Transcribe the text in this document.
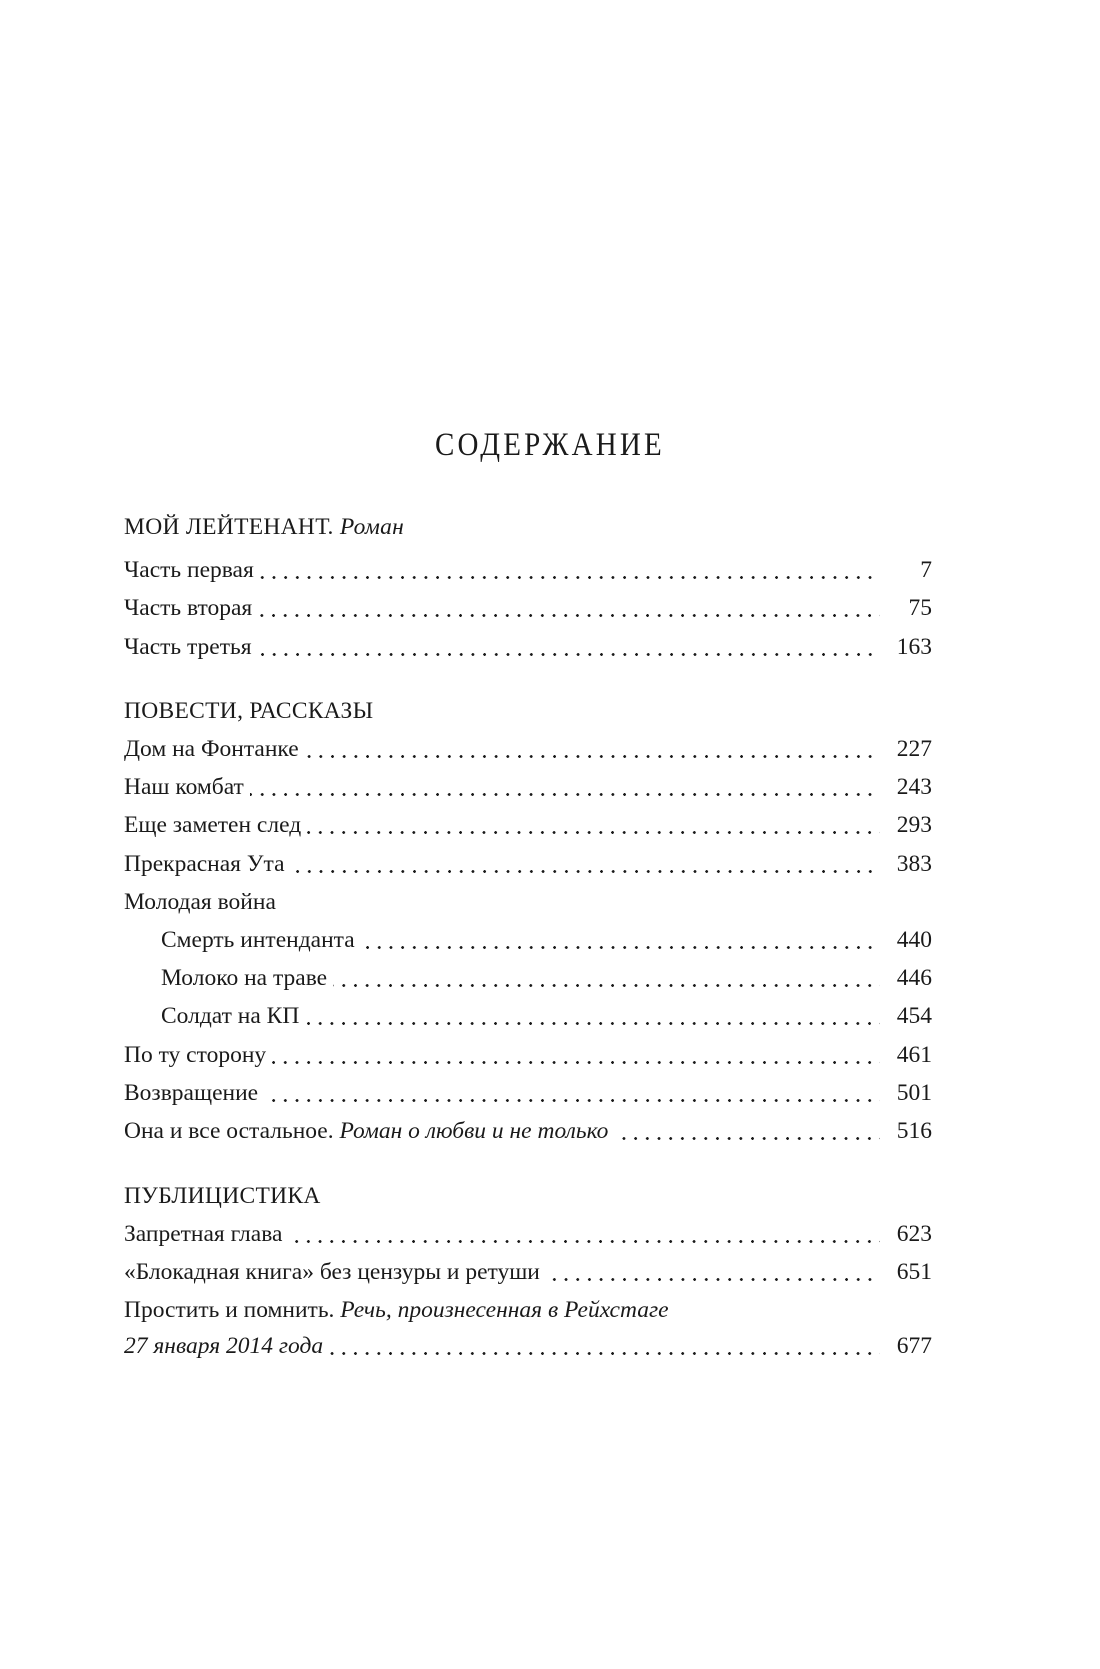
СОДЕРЖАНИЕ
МОЙ ЛЕЙТЕНАНТ.
Роман
Часть первая	7
Часть вторая	75
Часть третья	163
ПОВЕСТИ, РАССКАЗЫ
Дом на Фонтанке	227
Наш комбат	243
Еще заметен след	293
Прекрасная Ута	383
Молодая война
Смерть интенданта	440
Молоко на траве	446
Солдат на КП	454
По ту сторону	461
Возвращение	501
Она и все остальное. Роман о любви и не только	516
ПУБЛИЦИСТИКА
Запретная глава	623
«Блокадная книга» без цензуры и ретуши	651
Простить и помнить. Речь, произнесенная в Рейхстаге
27 января 2014 года	677
